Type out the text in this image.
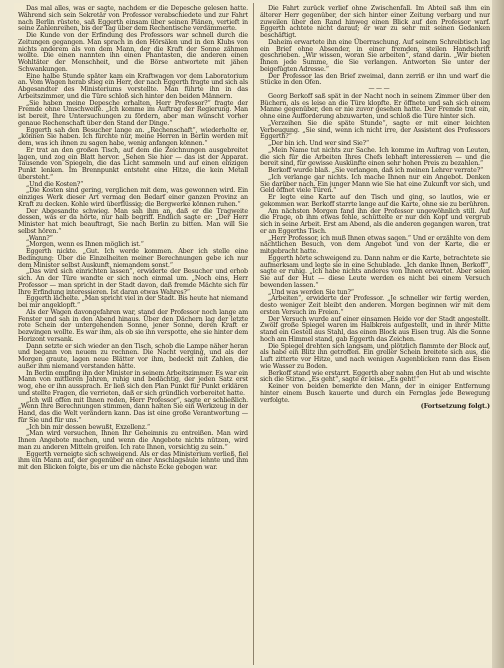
Das mal alles, was er sagte, nachdem er die Depesche gelesen hatte. Während sich sein Sekretär von Professor verabschiedete und zur Fahrt nach Berlin rüstete, saß Eggerth einsam über seinen Plänen, vertieft in seine Zahlenreihen, bis der Tag über dem Rechentische verdämmerte.

Die Kunde von der Erfindung des Professors war schnell durch die Zeitungen gegangen. Man sprach in den Hörsälen und in den Klubs von nichts anderem als von dem Mann, der die Kraft der Sonne zähmen wollte. Die einen nannten ihn einen Phantasten, die anderen einen Wohltäter der Menschheit, und die Börse antwortete mit jähen Schwankungen.

Eine halbe Stunde später kam ein Kraftwagen vor dem Laboratorium an. Vom Wagen herab stieg ein Herr, der nach Eggerth fragte und sich als Abgesandter des Ministeriums vorstellte. Man führte ihn in das Arbeitszimmer, und die Türe schloß sich hinter den beiden Männern.

„Sie haben meine Depesche erhalten, Herr Professor?“ fragte der Fremde ohne Umschweife. „Ich komme im Auftrag der Regierung. Man ist bereit, Ihre Untersuchungen zu fördern, aber man wünscht vorher genaue Rechenschaft über den Stand der Dinge.“

Eggerth sah den Besucher lange an. „Rechenschaft“, wiederholte er, „können Sie haben. Ich fürchte nur, meine Herren in Berlin werden mit dem, was ich ihnen zu sagen habe, wenig anfangen können.“

Er trat an den großen Tisch, auf dem die Zeichnungen ausgebreitet lagen, und zog ein Blatt hervor. „Sehen Sie hier — das ist der Apparat. Tausende von Spiegeln, die das Licht sammeln und auf einen einzigen Punkt lenken. Im Brennpunkt entsteht eine Hitze, die kein Metall übersteht.“

„Und die Kosten?“

„Die Kosten sind gering, verglichen mit dem, was gewonnen wird. Ein einziges Werk dieser Art vermag den Bedarf einer ganzen Provinz an Kraft zu decken. Kohle wird überflüssig; die Bergwerke können ruhen.“

Der Abgesandte schwieg. Man sah ihm an, daß er die Tragweite dessen, was er da hörte, nur halb begriff. Endlich sagte er: „Der Herr Minister hat mich beauftragt, Sie nach Berlin zu bitten. Man will Sie selbst hören.“

„Wann?“

„Morgen, wenn es Ihnen möglich ist.“

Eggerth nickte. „Gut. Ich werde kommen. Aber ich stelle eine Bedingung: Über die Einzelheiten meiner Berechnungen gebe ich nur dem Minister selbst Auskunft, niemandem sonst.“

„Das wird sich einrichten lassen“, erwiderte der Besucher und erhob sich. An der Türe wandte er sich noch einmal um. „Noch eins, Herr Professor — man spricht in der Stadt davon, daß fremde Mächte sich für Ihre Erfindung interessieren. Ist daran etwas Wahres?“

Eggerth lächelte. „Man spricht viel in der Stadt. Bis heute hat niemand bei mir angeklopft.“

Als der Wagen davongefahren war, stand der Professor noch lange am Fenster und sah in den Abend hinaus. Über den Dächern lag der letzte rote Schein der untergehenden Sonne, jener Sonne, deren Kraft er bezwingen wollte. Es war ihm, als ob sie ihn verspotte, ehe sie hinter dem Horizont versank.

Dann setzte er sich wieder an den Tisch, schob die Lampe näher heran und begann von neuem zu rechnen. Die Nacht verging, und als der Morgen graute, lagen neue Blätter vor ihm, bedeckt mit Zahlen, die außer ihm niemand verstanden hätte.

In Berlin empfing ihn der Minister in seinem Arbeitszimmer. Es war ein Mann von mittleren Jahren, ruhig und bedächtig, der jeden Satz erst wog, ehe er ihn aussprach. Er ließ sich den Plan Punkt für Punkt erklären und stellte Fragen, die verrieten, daß er sich gründlich vorbereitet hatte.

„Ich will offen mit Ihnen reden, Herr Professor“, sagte er schließlich. „Wenn Ihre Berechnungen stimmen, dann halten Sie ein Werkzeug in der Hand, das die Welt verändern kann. Das ist eine große Verantwortung — für Sie und für uns.“

„Ich bin mir dessen bewußt, Exzellenz.“

„Man wird versuchen, Ihnen Ihr Geheimnis zu entreißen. Man wird Ihnen Angebote machen, und wenn die Angebote nichts nützen, wird man zu anderen Mitteln greifen. Ich rate Ihnen, vorsichtig zu sein.“

Eggerth verneigte sich schweigend. Als er das Ministerium verließ, fiel ihm ein Mann auf, der gegenüber an einer Anschlagsäule lehnte und ihm mit den Blicken folgte, bis er um die nächste Ecke gebogen war.

Die Fahrt zurück verlief ohne Zwischenfall. Im Abteil saß ihm ein älterer Herr gegenüber, der sich hinter einer Zeitung verbarg und nur zuweilen über den Rand hinweg einen Blick auf den Professor warf. Eggerth achtete nicht darauf; er war zu sehr mit seinen Gedanken beschäftigt.

Daheim erwartete ihn eine Überraschung. Auf seinem Schreibtisch lag ein Brief ohne Absender, in einer fremden, steilen Handschrift geschrieben. „Wir wissen, woran Sie arbeiten“, stand darin. „Wir bieten Ihnen jede Summe, die Sie verlangen. Antworten Sie unter der beigefügten Adresse.“

Der Professor las den Brief zweimal, dann zerriß er ihn und warf die Stücke in den Ofen.

— — —

Georg Berkoff saß spät in der Nacht noch in seinem Zimmer über den Büchern, als es leise an die Türe klopfte. Er öffnete und sah sich einem Manne gegenüber, den er nie zuvor gesehen hatte. Der Fremde trat ein, ohne eine Aufforderung abzuwarten, und schloß die Türe hinter sich.

„Verzeihen Sie die späte Stunde“, sagte er mit einer leichten Verbeugung. „Sie sind, wenn ich nicht irre, der Assistent des Professors Eggerth?“

„Der bin ich. Und wer sind Sie?“

„Mein Name tut nichts zur Sache. Ich komme im Auftrag von Leuten, die sich für die Arbeiten Ihres Chefs lebhaft interessieren — und die bereit sind, für gewisse Auskünfte einen sehr hohen Preis zu bezahlen.“

Berkoff wurde blaß. „Sie verlangen, daß ich meinen Lehrer verrate?“

„Ich verlange gar nichts. Ich mache Ihnen nur ein Angebot. Denken Sie darüber nach. Ein junger Mann wie Sie hat eine Zukunft vor sich, und Geld öffnet viele Türen.“

Er legte eine Karte auf den Tisch und ging, so lautlos, wie er gekommen war. Berkoff starrte lange auf die Karte, ohne sie zu berühren.

Am nächsten Morgen fand ihn der Professor ungewöhnlich still. Auf die Frage, ob ihm etwas fehle, schüttelte er nur den Kopf und vergrub sich in seine Arbeit. Erst am Abend, als die anderen gegangen waren, trat er an Eggerths Tisch.

„Herr Professor, ich muß Ihnen etwas sagen.“ Und er erzählte von dem nächtlichen Besuch, von dem Angebot und von der Karte, die er mitgebracht hatte.

Eggerth hörte schweigend zu. Dann nahm er die Karte, betrachtete sie aufmerksam und legte sie in eine Schublade. „Ich danke Ihnen, Berkoff“, sagte er ruhig. „Ich habe nichts anderes von Ihnen erwartet. Aber seien Sie auf der Hut — diese Leute werden es nicht bei einem Versuch bewenden lassen.“

„Und was werden Sie tun?“

„Arbeiten“, erwiderte der Professor. „Je schneller wir fertig werden, desto weniger Zeit bleibt den anderen. Morgen beginnen wir mit dem ersten Versuch im Freien.“

Der Versuch wurde auf einer einsamen Heide vor der Stadt angestellt. Zwölf große Spiegel waren im Halbkreis aufgestellt, und in ihrer Mitte stand ein Gestell aus Stahl, das einen Block aus Eisen trug. Als die Sonne hoch am Himmel stand, gab Eggerth das Zeichen.

Die Spiegel drehten sich langsam, und plötzlich flammte der Block auf, als habe ein Blitz ihn getroffen. Ein greller Schein breitete sich aus, die Luft zitterte vor Hitze, und nach wenigen Augenblicken rann das Eisen wie Wasser zu Boden.

Berkoff stand wie erstarrt. Eggerth aber nahm den Hut ab und wischte sich die Stirne. „Es geht“, sagte er leise. „Es geht!“

Keiner von beiden bemerkte den Mann, der in einiger Entfernung hinter einem Busch kauerte und durch ein Fernglas jede Bewegung verfolgte.

(Fortsetzung folgt.)
